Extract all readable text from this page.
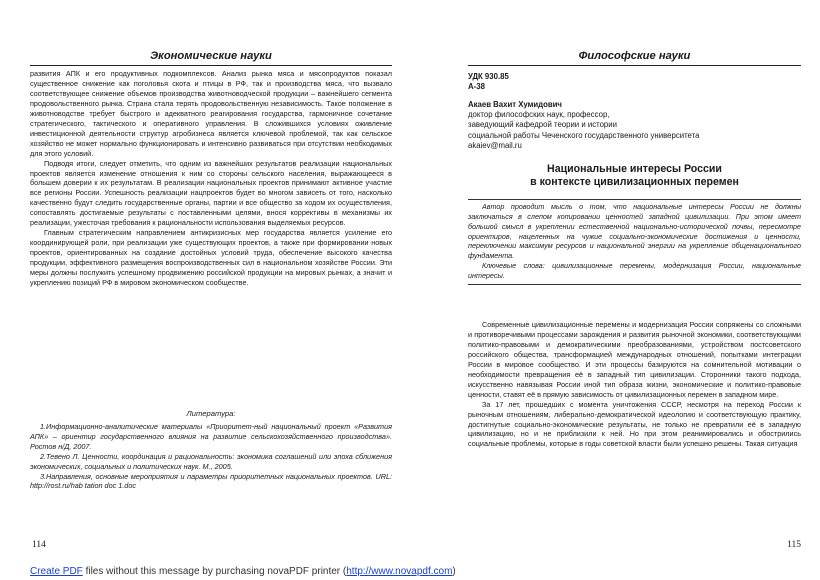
Экономические науки

развития АПК и его продуктивных подкомплексов. Анализ рынка мяса и мясопродуктов показал существенное снижение как поголовья скота и птицы в РФ, так и производства мяса, что вызвало соответствующее снижение объемов производства животноводческой продукции – важнейшего сегмента продовольственного рынка. Страна стала терять продовольственную независимость. Такое положение в животноводстве требует быстрого и адекватного реагирования государства, гармоничное сочетание стратегического, тактического и оперативного управления. В сложившихся условиях оживление инвестиционной деятельности структур агробизнеса является ключевой проблемой, так как сельское хозяйство не может нормально функционировать и интенсивно развиваться при отсутствии необходимых для этого условий.

Подводя итоги, следует отметить, что одним из важнейших результатов реализации национальных проектов является изменение отношения к ним со стороны сельского населения, выражающееся в большем доверии к их результатам. В реализации национальных проектов принимают активное участие все регионы России. Успешность реализации нацпроектов будет во многом зависеть от того, насколько качественно будут следить государственные органы, партии и все общество за ходом их осуществления, сопоставлять достигаемые результаты с поставленными целями, внося коррективы в механизмы их реализации, ужесточая требования к рациональности использования выделяемых ресурсов.

Главным стратегическим направлением антикризисных мер государства является усиление его координирующей роли, при реализации уже существующих проектов, а также при формировании новых проектов, ориентированных на создание достойных условий труда, обеспечение высокого качества продукции, эффективного размещения воспроизводственных сил в национальном хозяйстве России. Эти меры должны послужить успешному продвижению российской продукции на мировых рынках, а значит и укреплению позиций РФ в мировом экономическом сообществе.

Литература:

1.Информационно-аналитические материалы «Приоритет-ный национальный проект «Развития АПК» – ориентир государственного влияния на развитие сельскохозяйственного производства». Ростов н/Д, 2007.

2.Тевено Л. Ценности, координация и рациональность: экономика соглашений или эпоха сближения экономических, социальных и политических наук. М., 2005.

3.Направления, основные мероприятия и параметры приоритетных национальных проектов. URL: http://rost.ru/hab tation doc 1.doc

114
Философские науки
УДК 930.85
А-38
Акаев Вахит Хумидович
доктор философских наук, профессор,
заведующий кафедрой теории и истории
социальной работы Чеченского государственного университета
akaiev@mail.ru
Национальные интересы России
в контексте цивилизационных перемен

Автор проводит мысль о том, что национальные интересы России не должны заключаться в слепом копировании ценностей западной цивилизации. При этом имеет большой смысл в укреплении естественной национально-исторической почвы, пересмотре ориентиров, нацеленных на чужие социально-экономические достижения и ценности, переключении максимум ресурсов и национальной энергии на укрепление общенационального фундамента.

Ключевые слова: цивилизационные перемены, модернизация России, национальные интересы.

Современные цивилизационные перемены и модернизация России сопряжены со сложными и противоречивыми процессами зарождения и развития рыночной экономики, соответствующими политико-правовыми и демократическими преобразованиями, устройством постсоветского российского общества, трансформацией международных отношений, попытками интеграции России в мировое сообщество. И эти процессы базируются на сомнительной мотивации о необходимости превращения её в западный тип цивилизации. Сторонники такого подхода, искусственно навязывая России иной тип образа жизни, экономические и политико-правовые ценности, ставят её в прямую зависимость от цивилизационных перемен в западном мире.

За 17 лет, прошедших с момента уничтожения СССР, несмотря на переход России к рыночным отношениям, либерально-демократической идеологию и соответствующую практику, достигнутые социально-экономические результаты, не только не превратили её в западную цивилизацию, но и не приблизили к ней. Но при этом реанимировались и обострились социальные проблемы, которые в годы советской власти были успешно решены. Такая ситуация

115
Create PDF files without this message by purchasing novaPDF printer (http://www.novapdf.com)
